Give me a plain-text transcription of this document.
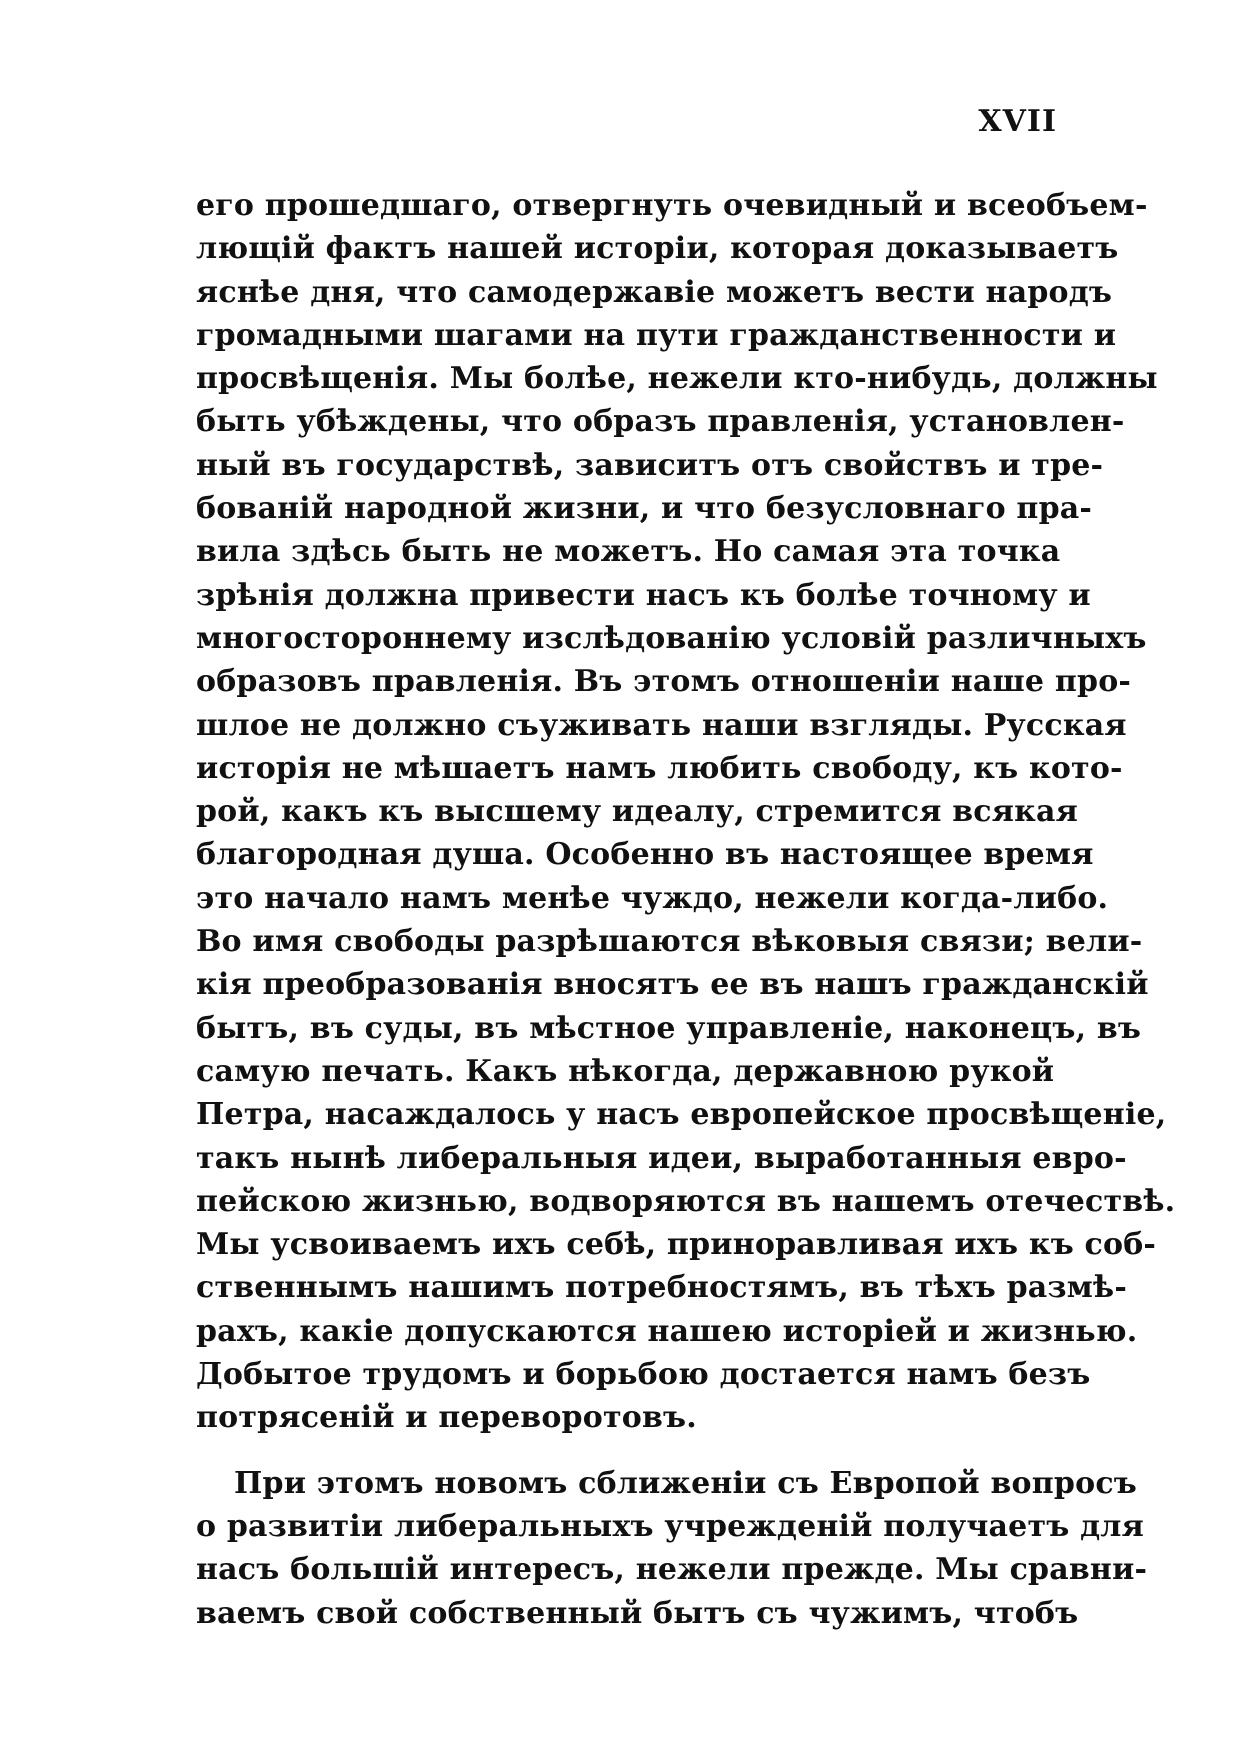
XVII
его прошедшаго, отвергнуть очевидный и всеобъем-
лющій фактъ нашей исторіи, которая доказываетъ
яснѣе дня, что самодержавіе можетъ вести народъ
громадными шагами на пути гражданственности и
просвѣщенія. Мы болѣе, нежели кто-нибудь, должны
быть убѣждены, что образъ правленія, установлен-
ный въ государствѣ, зависитъ отъ свойствъ и тре-
бованій народной жизни, и что безусловнаго пра-
вила здѣсь быть не можетъ. Но самая эта точка
зрѣнія должна привести насъ къ болѣе точному и
многостороннему изслѣдованію условій различныхъ
образовъ правленія. Въ этомъ отношеніи наше про-
шлое не должно съуживать наши взгляды. Русская
исторія не мѣшаетъ намъ любить свободу, къ кото-
рой, какъ къ высшему идеалу, стремится всякая
благородная душа. Особенно въ настоящее время
это начало намъ менѣе чуждо, нежели когда-либо.
Во имя свободы разрѣшаются вѣковыя связи; вели-
кія преобразованія вносятъ ее въ нашъ гражданскій
бытъ, въ суды, въ мѣстное управленіе, наконецъ, въ
самую печать. Какъ нѣкогда, державною рукой
Петра, насаждалось у насъ европейское просвѣщеніе,
такъ нынѣ либеральныя идеи, выработанныя евро-
пейскою жизнью, водворяются въ нашемъ отечествѣ.
Мы усвоиваемъ ихъ себѣ, приноравливая ихъ къ соб-
ственнымъ нашимъ потребностямъ, въ тѣхъ размѣ-
рахъ, какіе допускаются нашею исторіей и жизнью.
Добытое трудомъ и борьбою достается намъ безъ
потрясеній и переворотовъ.
При этомъ новомъ сближеніи съ Европой вопросъ
о развитіи либеральныхъ учрежденій получаетъ для
насъ большій интересъ, нежели прежде. Мы сравни-
ваемъ свой собственный бытъ съ чужимъ, чтобъ
